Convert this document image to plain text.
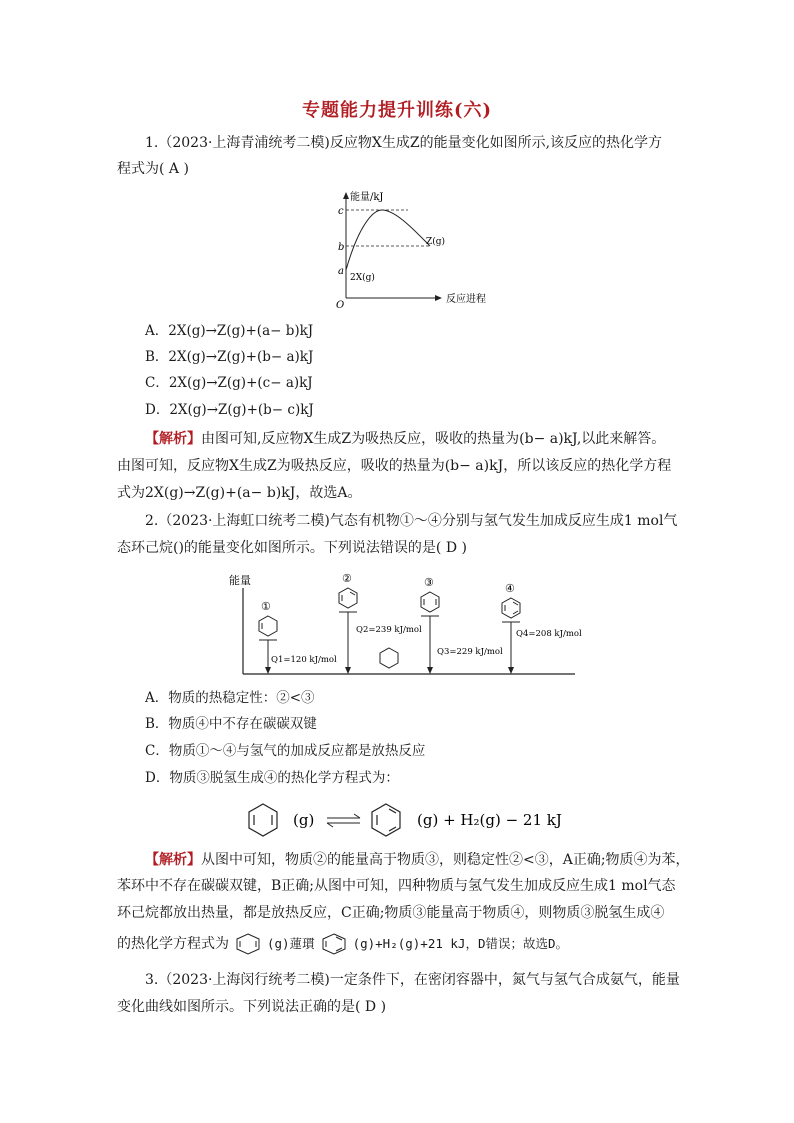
专题能力提升训练(六)
1.（2023·上海青浦统考二模)反应物X生成Z的能量变化如图所示,该反应的热化学方
程式为( A )
能量/kJ
反应进程
O
c
b
a
2X(g)
Z(g)
A．2X(g)→Z(g)+(a− b)kJ
B．2X(g)→Z(g)+(b− a)kJ
C．2X(g)→Z(g)+(c− a)kJ
D．2X(g)→Z(g)+(b− c)kJ
【解析】由图可知,反应物X生成Z为吸热反应，吸收的热量为(b− a)kJ,以此来解答。
由图可知，反应物X生成Z为吸热反应，吸收的热量为(b− a)kJ，所以该反应的热化学方程
式为2X(g)→Z(g)+(a− b)kJ，故选A。
2.（2023·上海虹口统考二模)气态有机物①～④分别与氢气发生加成反应生成1 mol气
态环己烷()的能量变化如图所示。下列说法错误的是( D )
能量
①
Q1=120 kJ/mol
②
Q2=239 kJ/mol
③
Q3=229 kJ/mol
④
Q4=208 kJ/mol
A．物质的热稳定性：②<③
B．物质④中不存在碳碳双键
C．物质①～④与氢气的加成反应都是放热反应
D．物质③脱氢生成④的热化学方程式为：
(g)	(g) + H₂(g) − 21 kJ
【解析】从图中可知，物质②的能量高于物质③，则稳定性②<③，A正确;物质④为苯，
苯环中不存在碳碳双键，B正确;从图中可知，四种物质与氢气发生加成反应生成1 mol气态
环己烷都放出热量，都是放热反应，C正确;物质③能量高于物质④，则物质③脱氢生成④
的热化学方程式为	(g)蓮瑻	(g)+H₂(g)+21 kJ，D错误；故选D。
3.（2023·上海闵行统考二模)一定条件下，在密闭容器中，氮气与氢气合成氨气，能量
变化曲线如图所示。下列说法正确的是( D )
